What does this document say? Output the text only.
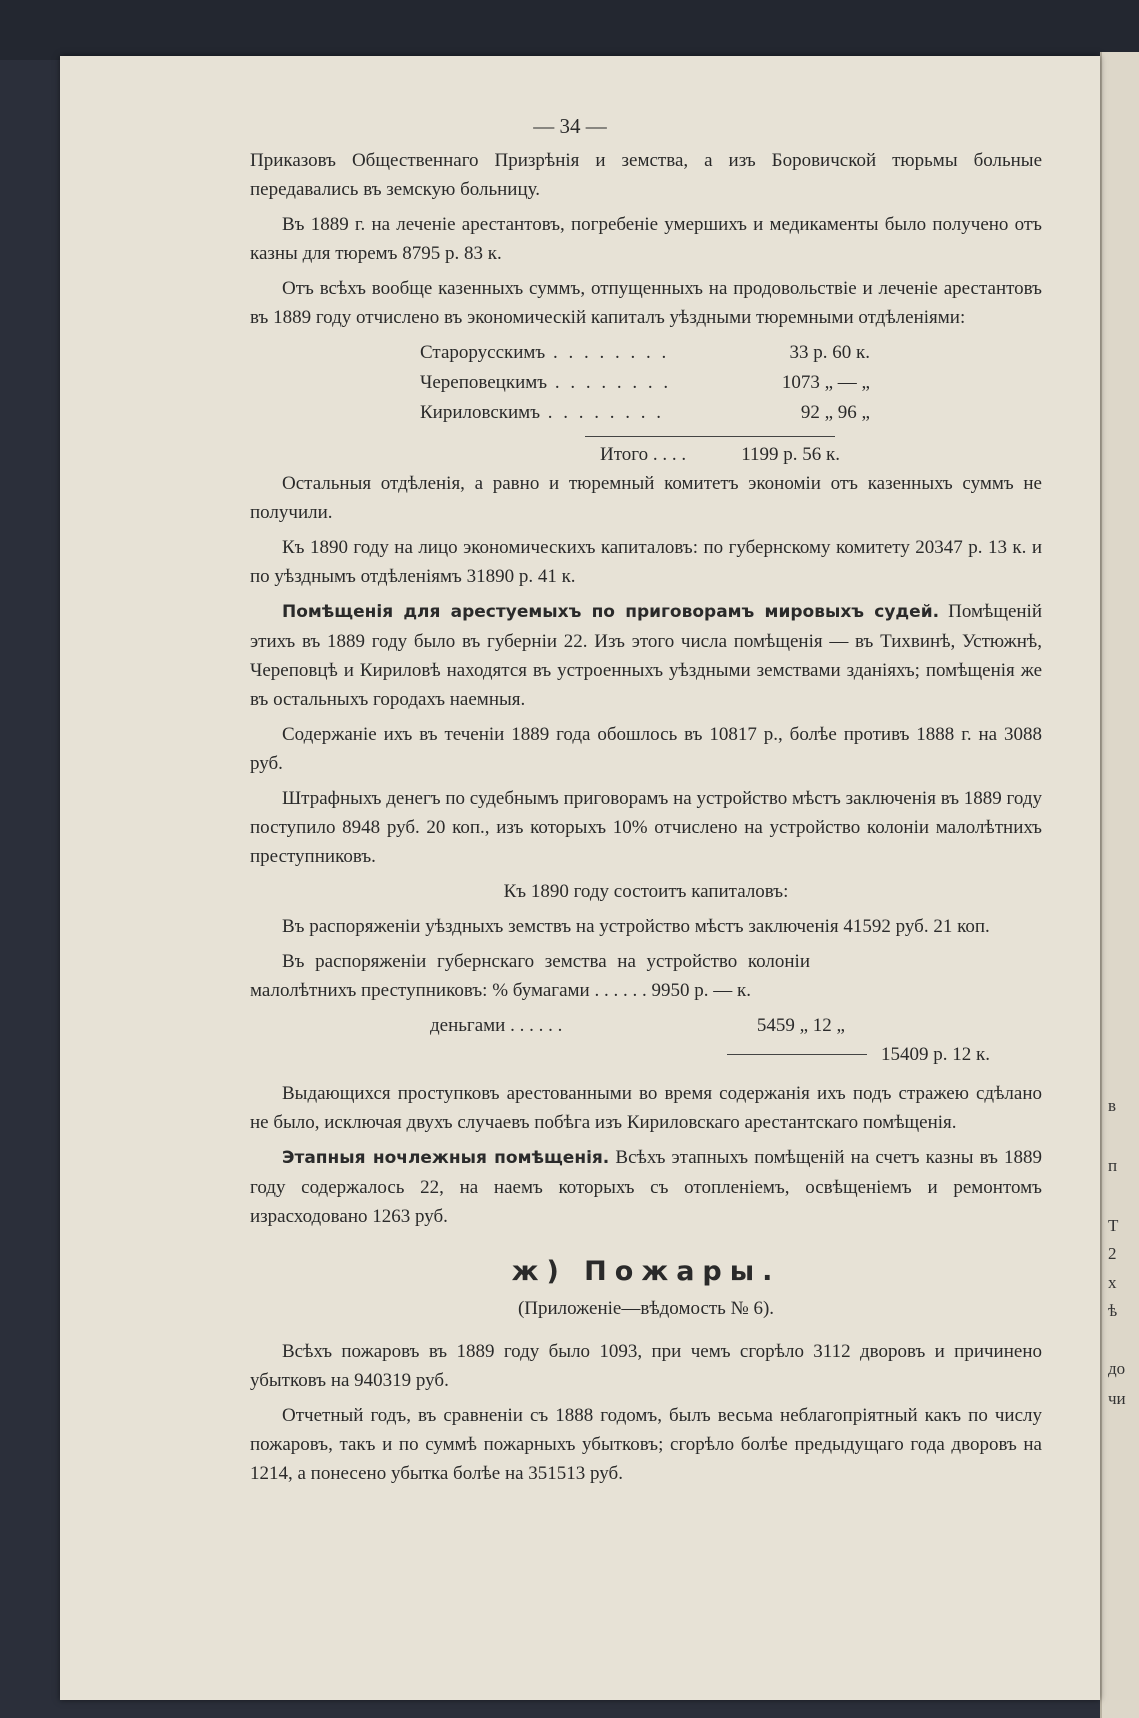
в
п
Т
2
х
ѣ
до
чи
— 34 —

Приказовъ Общественнаго Призрѣнія и земства, а изъ Боровичской тюрьмы больные передавались въ земскую больницу.

Въ 1889 г. на леченіе арестантовъ, погребеніе умершихъ и медикаменты было получено отъ казны для тюремъ 8795 р. 83 к.

Отъ всѣхъ вообще казенныхъ суммъ, отпущенныхъ на продовольствіе и леченіе арестантовъ въ 1889 году отчислено въ экономическій капиталъ уѣздными тюремными отдѣленіями:

Старорусскимъ . . .	33 р. 60 к.
Череповецкимъ . . .	1073 „ — „
Кириловскимъ . . .	92 „ 96 „
Итого . . . .	1199 р. 56 к.

Остальныя отдѣленія, а равно и тюремный комитетъ экономіи отъ казенныхъ суммъ не получили.

Къ 1890 году на лицо экономическихъ капиталовъ: по губернскому комитету 20347 р. 13 к. и по уѣзднымъ отдѣленіямъ 31890 р. 41 к.

Помѣщенія для арестуемыхъ по приговорамъ мировыхъ судей. Помѣщеній этихъ въ 1889 году было въ губерніи 22. Изъ этого числа помѣщенія — въ Тихвинѣ, Устюжнѣ, Череповцѣ и Кириловѣ находятся въ устроенныхъ уѣздными земствами зданіяхъ; помѣщенія же въ остальныхъ городахъ наемныя.

Содержаніе ихъ въ теченіи 1889 года обошлось въ 10817 р., болѣе противъ 1888 г. на 3088 руб.

Штрафныхъ денегъ по судебнымъ приговорамъ на устройство мѣстъ заключенія въ 1889 году поступило 8948 руб. 20 коп., изъ которыхъ 10% отчислено на устройство колоніи малолѣтнихъ преступниковъ.

Къ 1890 году состоитъ капиталовъ:

Въ распоряженіи уѣздныхъ земствъ на устройство мѣстъ заключенія 41592 руб. 21 коп.

Въ распоряженіи губернскаго земства на устройство колоніи малолѣтнихъ преступниковъ: % бумагами . . . . . . 9950 р. — к.

деньгами . . . . . .	5459 „ 12 „
15409 р. 12 к.

Выдающихся проступковъ арестованными во время содержанія ихъ подъ стражею сдѣлано не было, исключая двухъ случаевъ побѣга изъ Кириловскаго арестантскаго помѣщенія.

Этапныя ночлежныя помѣщенія. Всѣхъ этапныхъ помѣщеній на счетъ казны въ 1889 году содержалось 22, на наемъ которыхъ съ отопленіемъ, освѣщеніемъ и ремонтомъ израсходовано 1263 руб.

ж) Пожары.

(Приложеніе—вѣдомость № 6).

Всѣхъ пожаровъ въ 1889 году было 1093, при чемъ сгорѣло 3112 дворовъ и причинено убытковъ на 940319 руб.

Отчетный годъ, въ сравненіи съ 1888 годомъ, былъ весьма неблагопріятный какъ по числу пожаровъ, такъ и по суммѣ пожарныхъ убытковъ; сгорѣло болѣе предыдущаго года дворовъ на 1214, а понесено убытка болѣе на 351513 руб.
